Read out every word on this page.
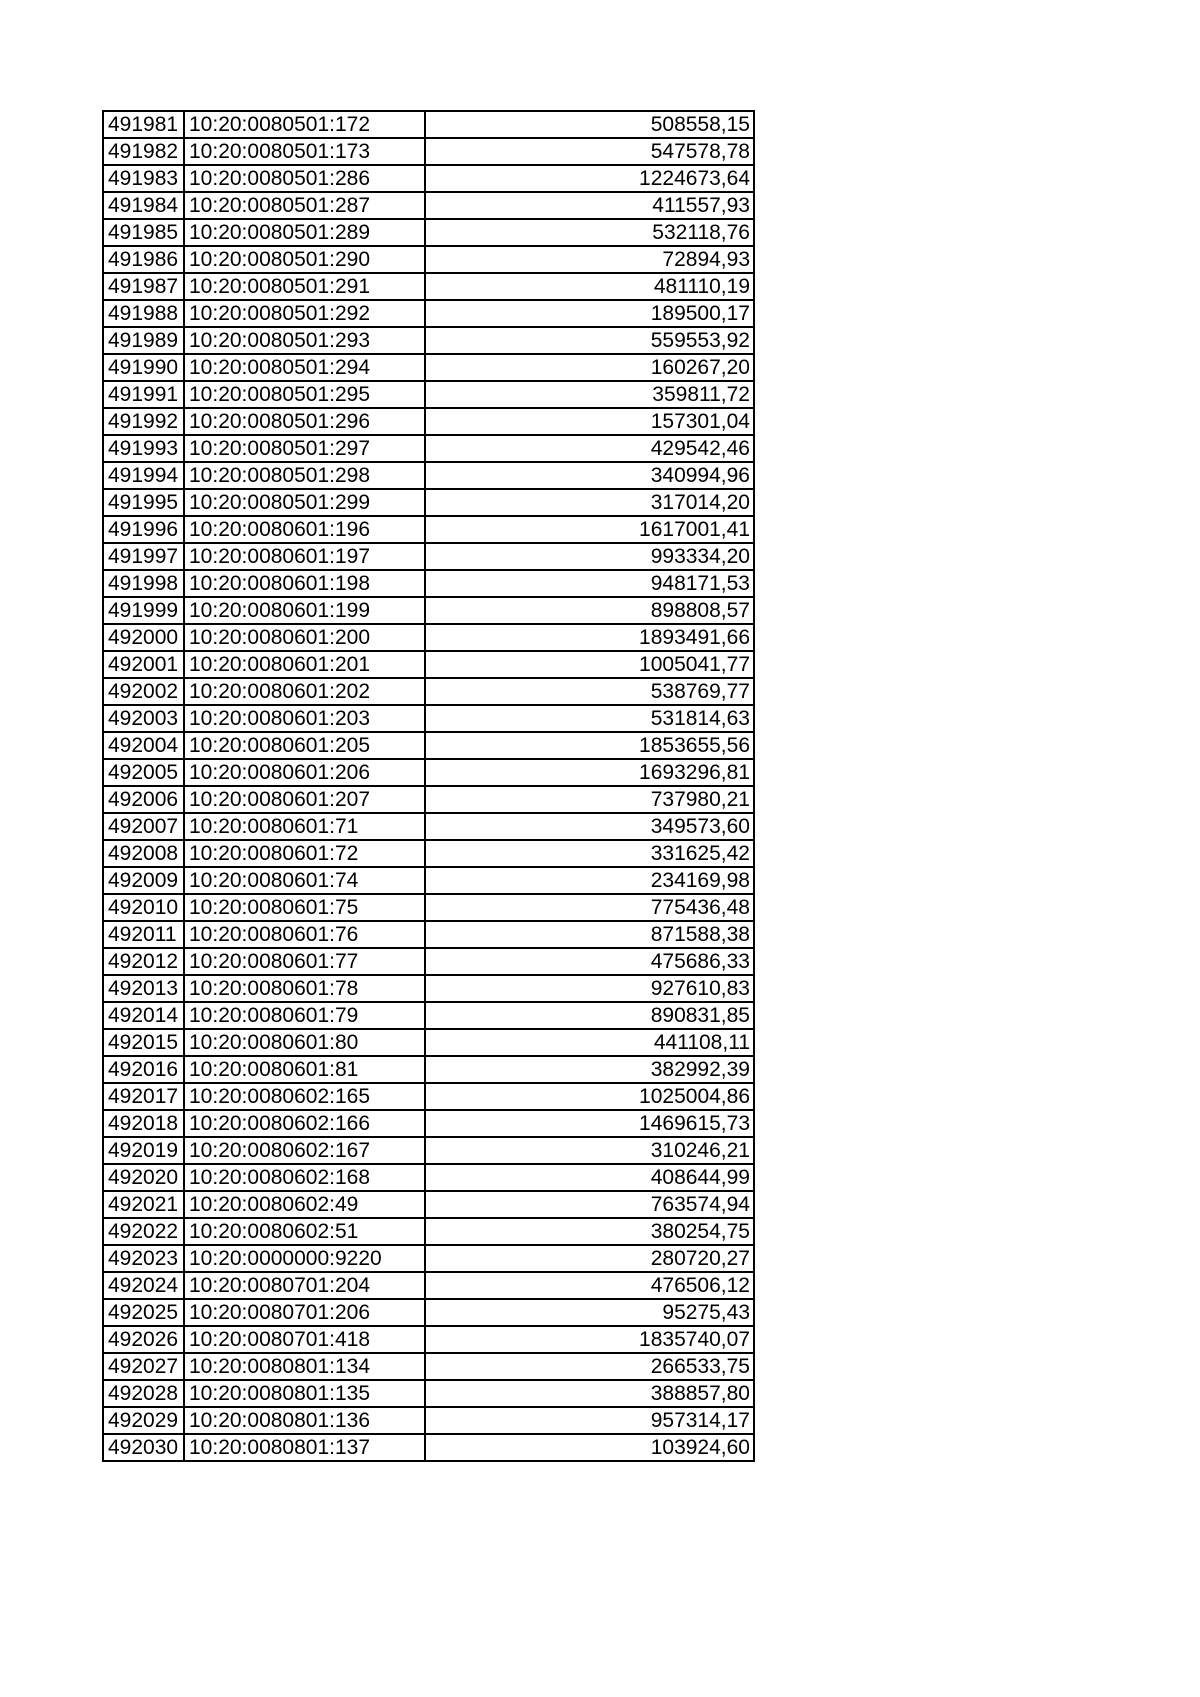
491981	10:20:0080501:172	508558,15
491982	10:20:0080501:173	547578,78
491983	10:20:0080501:286	1224673,64
491984	10:20:0080501:287	411557,93
491985	10:20:0080501:289	532118,76
491986	10:20:0080501:290	72894,93
491987	10:20:0080501:291	481110,19
491988	10:20:0080501:292	189500,17
491989	10:20:0080501:293	559553,92
491990	10:20:0080501:294	160267,20
491991	10:20:0080501:295	359811,72
491992	10:20:0080501:296	157301,04
491993	10:20:0080501:297	429542,46
491994	10:20:0080501:298	340994,96
491995	10:20:0080501:299	317014,20
491996	10:20:0080601:196	1617001,41
491997	10:20:0080601:197	993334,20
491998	10:20:0080601:198	948171,53
491999	10:20:0080601:199	898808,57
492000	10:20:0080601:200	1893491,66
492001	10:20:0080601:201	1005041,77
492002	10:20:0080601:202	538769,77
492003	10:20:0080601:203	531814,63
492004	10:20:0080601:205	1853655,56
492005	10:20:0080601:206	1693296,81
492006	10:20:0080601:207	737980,21
492007	10:20:0080601:71	349573,60
492008	10:20:0080601:72	331625,42
492009	10:20:0080601:74	234169,98
492010	10:20:0080601:75	775436,48
492011	10:20:0080601:76	871588,38
492012	10:20:0080601:77	475686,33
492013	10:20:0080601:78	927610,83
492014	10:20:0080601:79	890831,85
492015	10:20:0080601:80	441108,11
492016	10:20:0080601:81	382992,39
492017	10:20:0080602:165	1025004,86
492018	10:20:0080602:166	1469615,73
492019	10:20:0080602:167	310246,21
492020	10:20:0080602:168	408644,99
492021	10:20:0080602:49	763574,94
492022	10:20:0080602:51	380254,75
492023	10:20:0000000:9220	280720,27
492024	10:20:0080701:204	476506,12
492025	10:20:0080701:206	95275,43
492026	10:20:0080701:418	1835740,07
492027	10:20:0080801:134	266533,75
492028	10:20:0080801:135	388857,80
492029	10:20:0080801:136	957314,17
492030	10:20:0080801:137	103924,60
